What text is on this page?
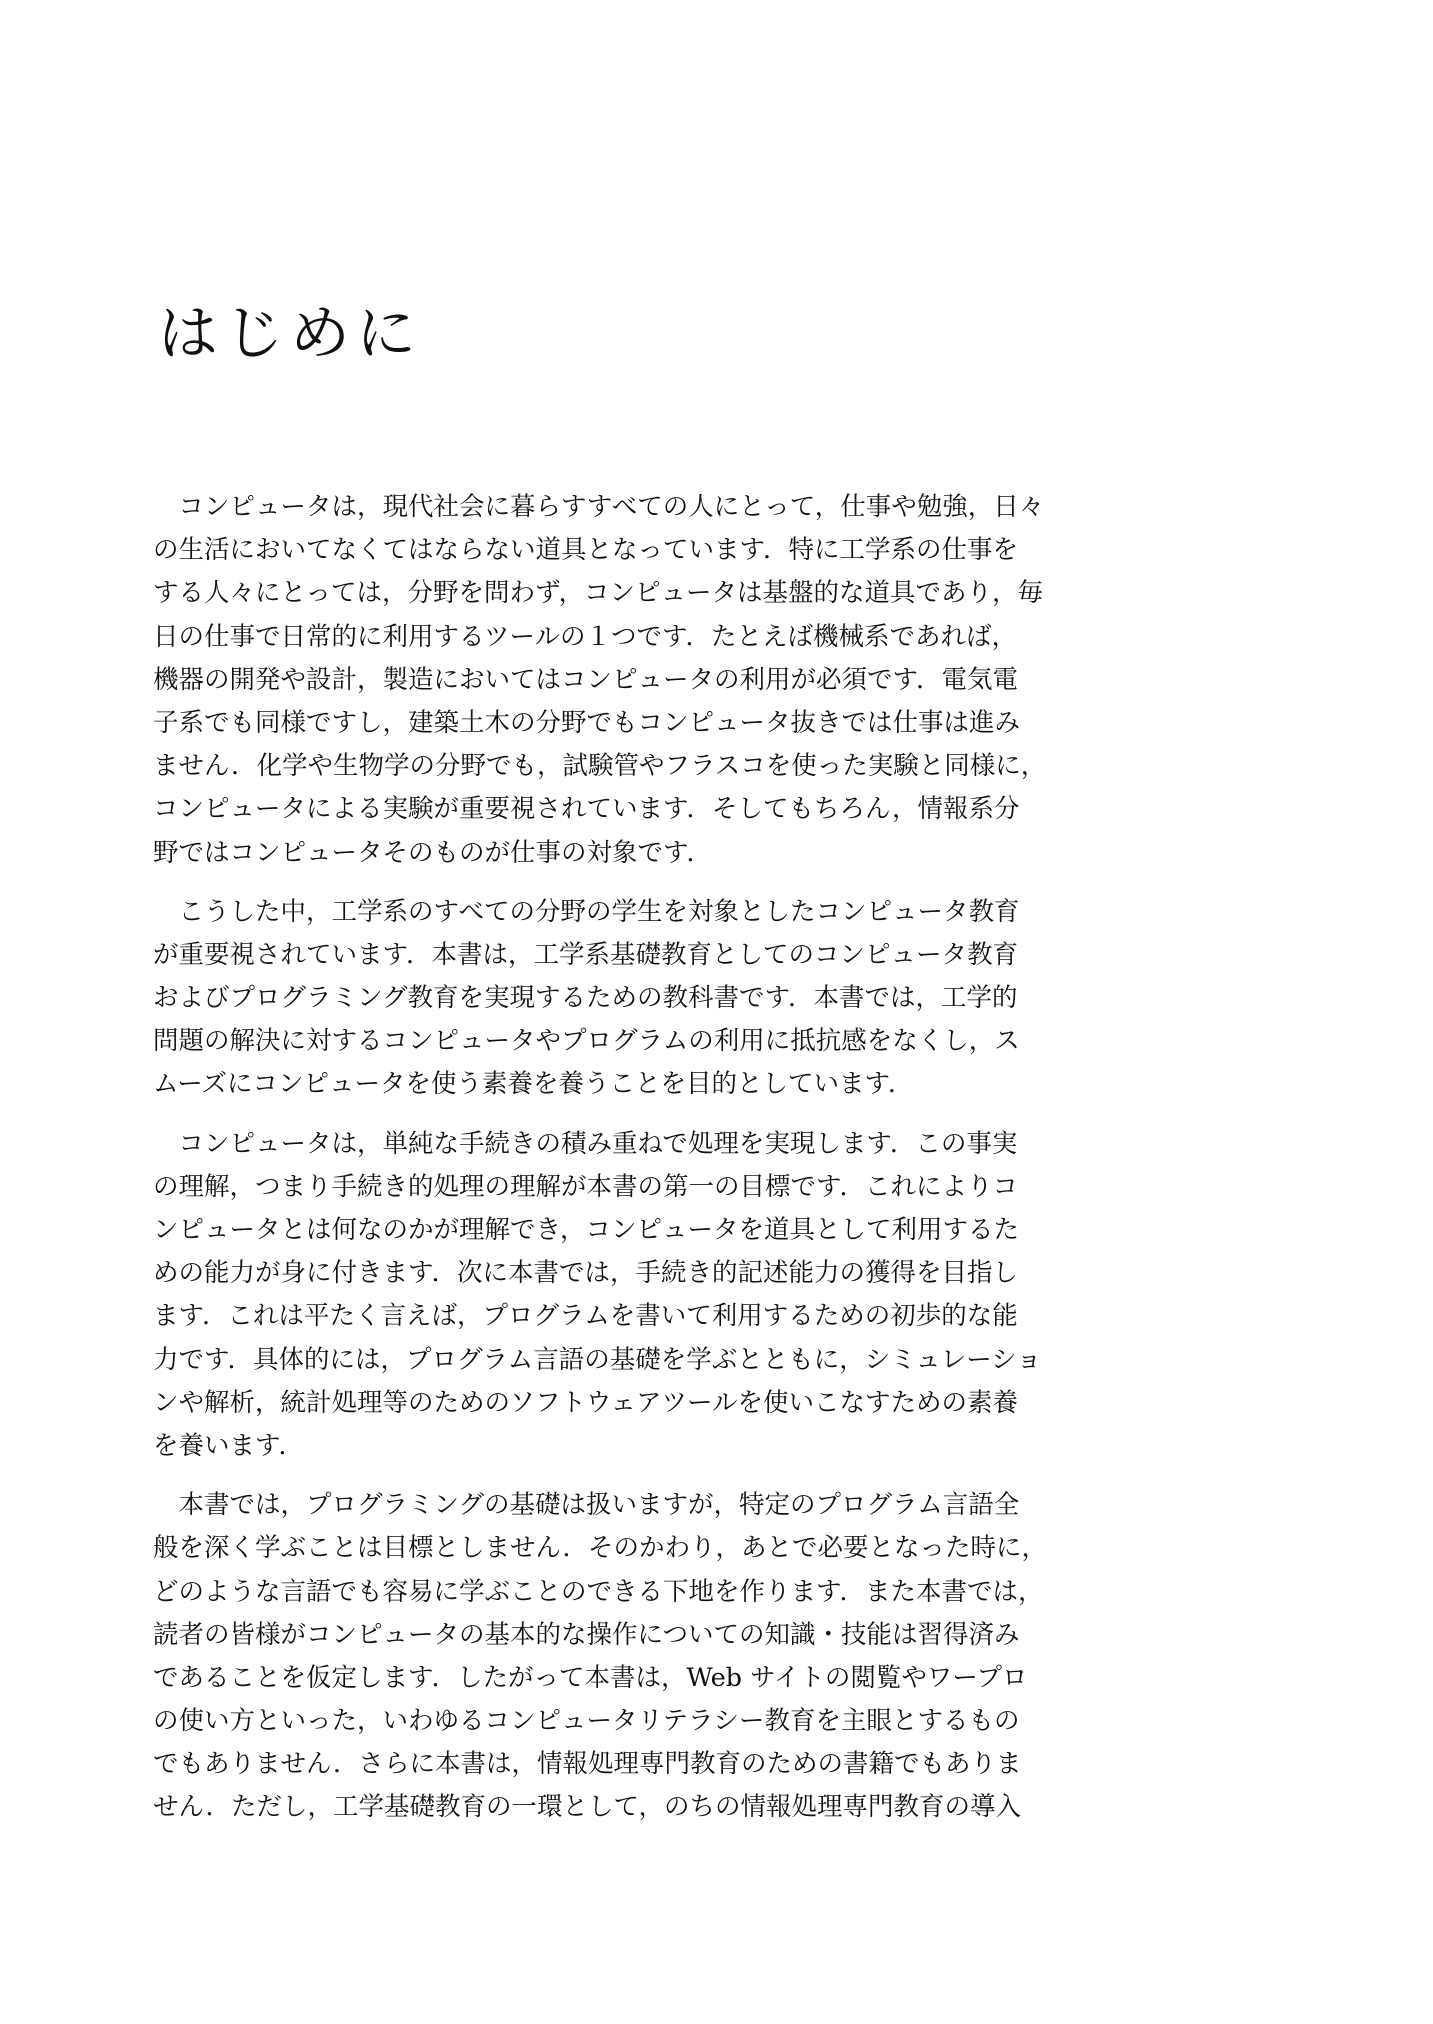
はじめに

　コンピュータは，現代社会に暮らすすべての人にとって，仕事や勉強，日々
の生活においてなくてはならない道具となっています．特に工学系の仕事を
する人々にとっては，分野を問わず，コンピュータは基盤的な道具であり，毎
日の仕事で日常的に利用するツールの１つです．たとえば機械系であれば，
機器の開発や設計，製造においてはコンピュータの利用が必須です．電気電
子系でも同様ですし，建築土木の分野でもコンピュータ抜きでは仕事は進み
ません．化学や生物学の分野でも，試験管やフラスコを使った実験と同様に，
コンピュータによる実験が重要視されています．そしてもちろん，情報系分
野ではコンピュータそのものが仕事の対象です．

　こうした中，工学系のすべての分野の学生を対象としたコンピュータ教育
が重要視されています．本書は，工学系基礎教育としてのコンピュータ教育
およびプログラミング教育を実現するための教科書です．本書では，工学的
問題の解決に対するコンピュータやプログラムの利用に抵抗感をなくし，ス
ムーズにコンピュータを使う素養を養うことを目的としています．

　コンピュータは，単純な手続きの積み重ねで処理を実現します．この事実
の理解，つまり手続き的処理の理解が本書の第一の目標です．これによりコ
ンピュータとは何なのかが理解でき，コンピュータを道具として利用するた
めの能力が身に付きます．次に本書では，手続き的記述能力の獲得を目指し
ます．これは平たく言えば，プログラムを書いて利用するための初歩的な能
力です．具体的には，プログラム言語の基礎を学ぶとともに，シミュレーショ
ンや解析，統計処理等のためのソフトウェアツールを使いこなすための素養
を養います．

　本書では，プログラミングの基礎は扱いますが，特定のプログラム言語全
般を深く学ぶことは目標としません．そのかわり，あとで必要となった時に，
どのような言語でも容易に学ぶことのできる下地を作ります．また本書では，
読者の皆様がコンピュータの基本的な操作についての知識・技能は習得済み
であることを仮定します．したがって本書は，Web サイトの閲覧やワープロ
の使い方といった，いわゆるコンピュータリテラシー教育を主眼とするもの
でもありません．さらに本書は，情報処理専門教育のための書籍でもありま
せん．ただし，工学基礎教育の一環として，のちの情報処理専門教育の導入
